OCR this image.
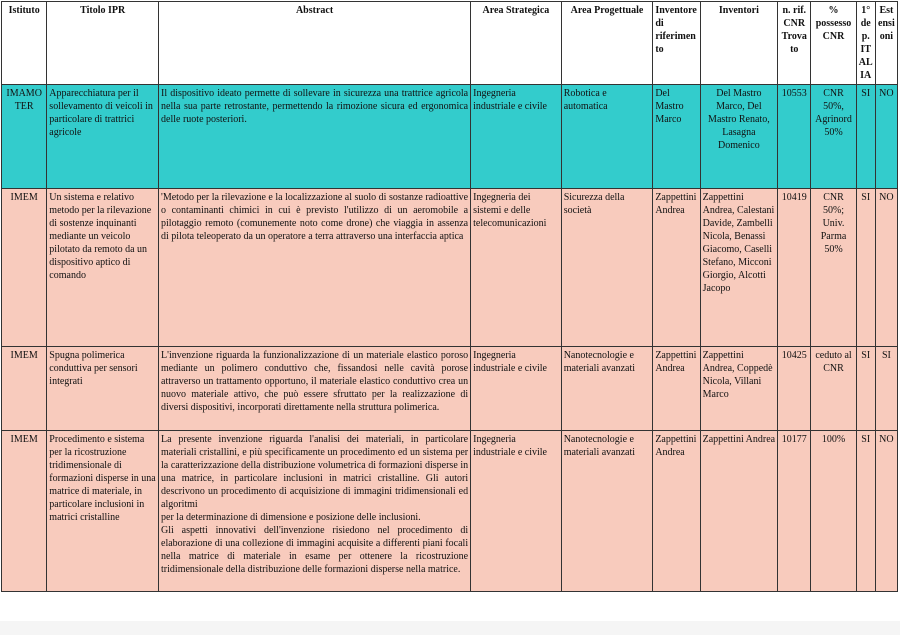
Istituto	Titolo IPR	Abstract	Area Strategica	Area Progettuale	Inventore di riferimento	Inventori	n. rif. CNR Trovato	% possesso CNR	1° de p. IT AL IA	Est ensi oni
IMAMOTER	Apparecchiatura per il sollevamento di veicoli in particolare di trattrici agricole	Il dispositivo ideato permette di sollevare in sicurezza una trattrice agricola nella sua parte retrostante, permettendo la rimozione sicura ed ergonomica delle ruote posteriori.	Ingegneria industriale e civile	Robotica e automatica	Del Mastro Marco	Del Mastro Marco, Del Mastro Renato, Lasagna Domenico	10553	CNR 50%, Agrinord 50%	SI	NO
IMEM	Un sistema e relativo metodo per la rilevazione di sostenze inquinanti mediante un veicolo pilotato da remoto da un dispositivo aptico di comando	'Metodo per la rilevazione e la localizzazione al suolo di sostanze radioattive o contaminanti chimici in cui è previsto l'utilizzo di un aeromobile a pilotaggio remoto (comunemente noto come drone) che viaggia in assenza di pilota teleoperato da un operatore a terra attraverso una interfaccia aptica	Ingegneria dei sistemi e delle telecomunicazioni	Sicurezza della società	Zappettini Andrea	Zappettini Andrea, Calestani Davide, Zambelli Nicola, Benassi Giacomo, Caselli Stefano, Micconi Giorgio, Alcotti Jacopo	10419	CNR 50%; Univ. Parma 50%	SI	NO
IMEM	Spugna polimerica conduttiva per sensori integrati	L'invenzione riguarda la funzionalizzazione di un materiale elastico poroso mediante un polimero conduttivo che, fissandosi nelle cavità porose attraverso un trattamento opportuno, il materiale elastico conduttivo crea un nuovo materiale attivo, che può essere sfruttato per la realizzazione di diversi dispositivi, incorporati direttamente nella struttura polimerica.	Ingegneria industriale e civile	Nanotecnologie e materiali avanzati	Zappettini Andrea	Zappettini Andrea, Coppedè Nicola, Villani Marco	10425	ceduto al CNR	SI	SI
IMEM	Procedimento e sistema per la ricostruzione tridimensionale di formazioni disperse in una matrice di materiale, in particolare inclusioni in matrici cristalline	La presente invenzione riguarda l'analisi dei materiali, in particolare materiali cristallini, e più specificamente un procedimento ed un sistema per la caratterizzazione della distribuzione volumetrica di formazioni disperse in una matrice, in particolare inclusioni in matrici cristalline. Gli autori descrivono un procedimento di acquisizione di immagini tridimensionali ed algoritmi
per la determinazione di dimensione e posizione delle inclusioni.
Gli aspetti innovativi dell'invenzione risiedono nel procedimento di elaborazione di una collezione di immagini acquisite a differenti piani focali nella matrice di materiale in esame per ottenere la ricostruzione tridimensionale della distribuzione delle formazioni disperse nella matrice.	Ingegneria industriale e civile	Nanotecnologie e materiali avanzati	Zappettini Andrea	Zappettini Andrea	10177	100%	SI	NO
